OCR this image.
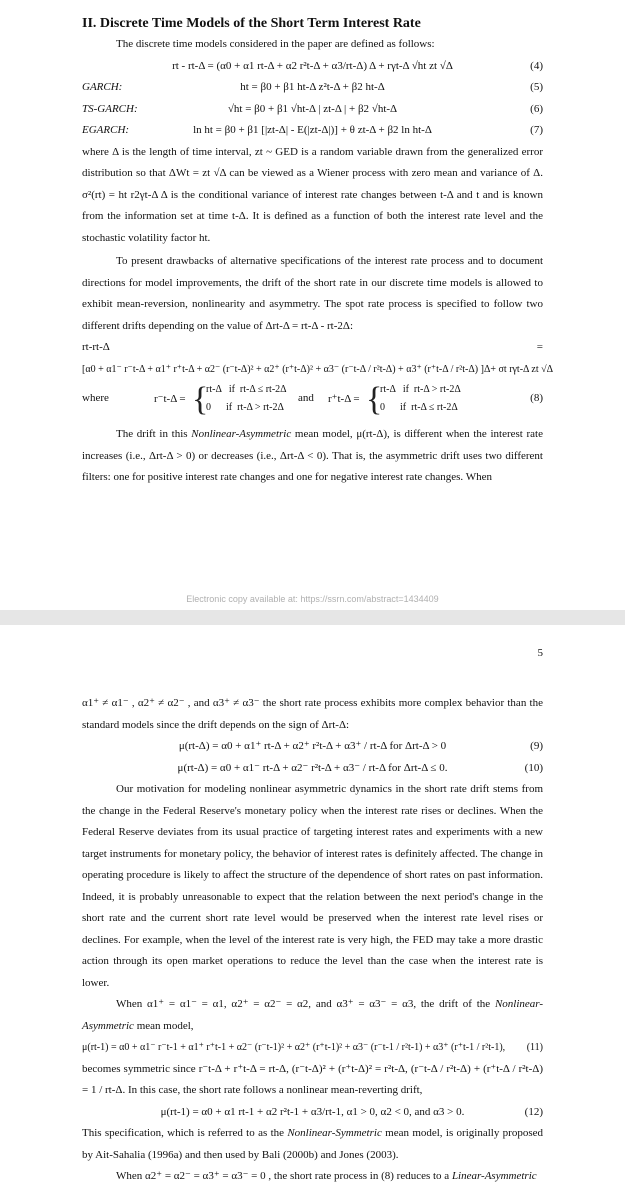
II. Discrete Time Models of the Short Term Interest Rate

The discrete time models considered in the paper are defined as follows:

rt - rt-Δ = (α0 + α1 rt-Δ + α2 r²t-Δ + α3/rt-Δ) Δ + rγt-Δ √ht zt √Δ	(4)
GARCH:	ht = β0 + β1 ht-Δ z²t-Δ + β2 ht-Δ	(5)
TS-GARCH:	√ht = β0 + β1 √ht-Δ | zt-Δ | + β2 √ht-Δ	(6)
EGARCH:	ln ht = β0 + β1 [|zt-Δ| - E(|zt-Δ|)] + θ zt-Δ + β2 ln ht-Δ	(7)

where Δ is the length of time interval, zt ~ GED is a random variable drawn from the generalized error distribution so that ΔWt = zt √Δ can be viewed as a Wiener process with zero mean and variance of Δ. σ²(rt) = ht r2γt-Δ Δ is the conditional variance of interest rate changes between t-Δ and t and is known from the information set at time t-Δ. It is defined as a function of both the interest rate level and the stochastic volatility factor ht.

To present drawbacks of alternative specifications of the interest rate process and to document directions for model improvements, the drift of the short rate in our discrete time models is allowed to exhibit mean-reversion, nonlinearity and asymmetry. The spot rate process is specified to follow two different drifts depending on the value of Δrt-Δ = rt-Δ - rt-2Δ:

rt-rt-Δ	=
[α0 + α1⁻ r⁻t-Δ + α1⁺ r⁺t-Δ + α2⁻ (r⁻t-Δ)² + α2⁺ (r⁺t-Δ)² + α3⁻ (r⁻t-Δ / r²t-Δ) + α3⁺ (r⁺t-Δ / r²t-Δ) ]Δ+ σt rγt-Δ zt √Δ
where	r⁻t-Δ = {
rt-Δ   if  rt-Δ ≤ rt-2Δ
0      if  rt-Δ > rt-2Δ
and r⁺t-Δ = {
rt-Δ   if  rt-Δ > rt-2Δ
0      if  rt-Δ ≤ rt-2Δ
(8)

The drift in this Nonlinear-Asymmetric mean model, μ(rt-Δ), is different when the interest rate increases (i.e., Δrt-Δ > 0) or decreases (i.e., Δrt-Δ < 0). That is, the asymmetric drift uses two different filters: one for positive interest rate changes and one for negative interest rate changes. When

Electronic copy available at: https://ssrn.com/abstract=1434409
5

α1⁺ ≠ α1⁻ , α2⁺ ≠ α2⁻ , and α3⁺ ≠ α3⁻ the short rate process exhibits more complex behavior than the standard models since the drift depends on the sign of Δrt-Δ:

μ(rt-Δ) = α0 + α1⁺ rt-Δ + α2⁺ r²t-Δ + α3⁺ / rt-Δ for Δrt-Δ > 0	(9)
μ(rt-Δ) = α0 + α1⁻ rt-Δ + α2⁻ r²t-Δ + α3⁻ / rt-Δ for Δrt-Δ ≤ 0.	(10)

Our motivation for modeling nonlinear asymmetric dynamics in the short rate drift stems from the change in the Federal Reserve's monetary policy when the interest rate rises or declines. When the Federal Reserve deviates from its usual practice of targeting interest rates and experiments with a new target instruments for monetary policy, the behavior of interest rates is definitely affected. The change in operating procedure is likely to affect the structure of the dependence of short rates on past information. Indeed, it is probably unreasonable to expect that the relation between the next period's change in the short rate and the current short rate level would be preserved when the interest rate level rises or declines. For example, when the level of the interest rate is very high, the FED may take a more drastic action through its open market operations to reduce the level than the case when the interest rate is lower.

When α1⁺ = α1⁻ = α1, α2⁺ = α2⁻ = α2, and α3⁺ = α3⁻ = α3, the drift of the Nonlinear-Asymmetric mean model,

μ(rt-1) = α0 + α1⁻ r⁻t-1 + α1⁺ r⁺t-1 + α2⁻ (r⁻t-1)² + α2⁺ (r⁺t-1)² + α3⁻ (r⁻t-1 / r²t-1) + α3⁺ (r⁺t-1 / r²t-1), (11)

becomes symmetric since r⁻t-Δ + r⁺t-Δ = rt-Δ, (r⁻t-Δ)² + (r⁺t-Δ)² = r²t-Δ, (r⁻t-Δ / r²t-Δ) + (r⁺t-Δ / r²t-Δ) = 1 / rt-Δ. In this case, the short rate follows a nonlinear mean-reverting drift,

μ(rt-1) = α0 + α1 rt-1 + α2 r²t-1 + α3/rt-1, α1 > 0, α2 < 0, and α3 > 0.	(12)

This specification, which is referred to as the Nonlinear-Symmetric mean model, is originally proposed by Ait-Sahalia (1996a) and then used by Bali (2000b) and Jones (2003).

When α2⁺ = α2⁻ = α3⁺ = α3⁻ = 0 , the short rate process in (8) reduces to a Linear-Asymmetric
